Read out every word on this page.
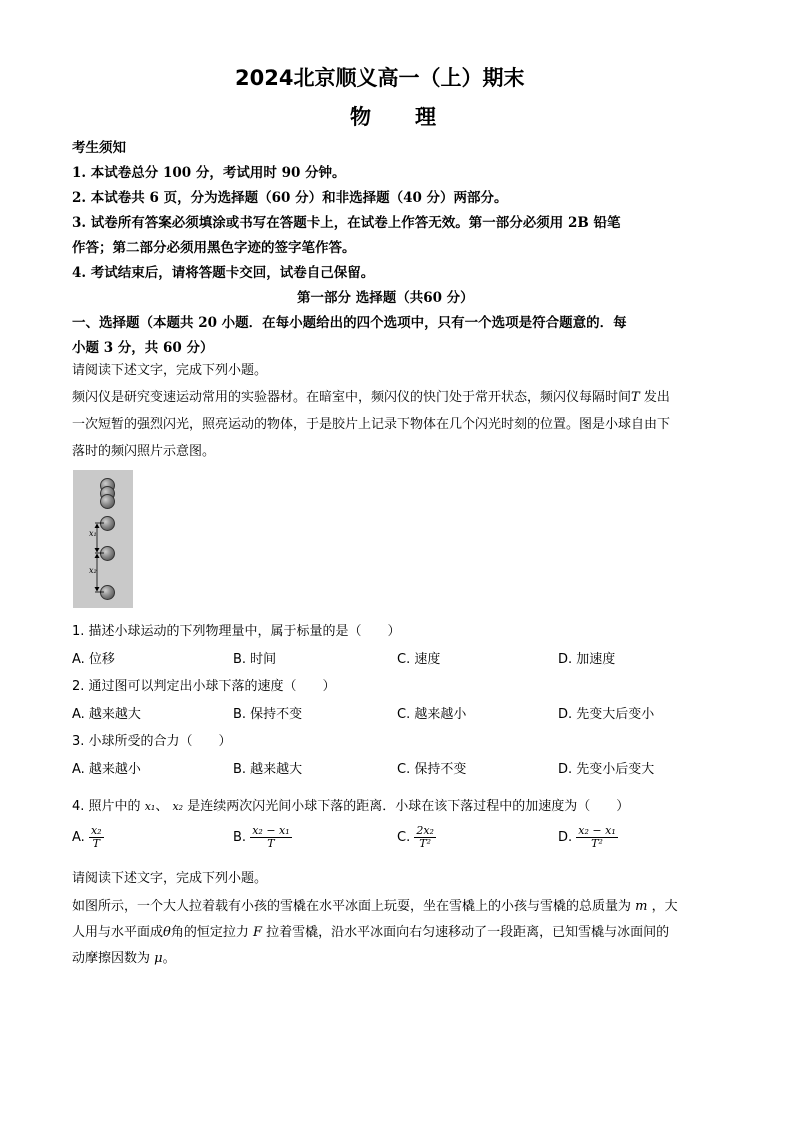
2024北京顺义高一（上）期末
物理
考生须知
1. 本试卷总分 100 分，考试用时 90 分钟。
2. 本试卷共 6 页，分为选择题（60 分）和非选择题（40 分）两部分。
3. 试卷所有答案必须填涂或书写在答题卡上，在试卷上作答无效。第一部分必须用 2B 铅笔
作答；第二部分必须用黑色字迹的签字笔作答。
4. 考试结束后，请将答题卡交回，试卷自己保留。
第一部分 选择题（共60 分）
一、选择题（本题共 20 小题．在每小题给出的四个选项中，只有一个选项是符合题意的．每
小题 3 分，共 60 分）
请阅读下述文字，完成下列小题。
频闪仪是研究变速运动常用的实验器材。在暗室中，频闪仪的快门处于常开状态，频闪仪每隔时间T 发出
一次短暂的强烈闪光，照亮运动的物体，于是胶片上记录下物体在几个闪光时刻的位置。图是小球自由下
落时的频闪照片示意图。
x₁
x₂
1. 描述小球运动的下列物理量中，属于标量的是（　　）
A. 位移	B. 时间	C. 速度	D. 加速度
2. 通过图可以判定出小球下落的速度（　　）
A. 越来越大	B. 保持不变	C. 越来越小	D. 先变大后变小
3. 小球所受的合力（　　）
A. 越来越小	B. 越来越大	C. 保持不变	D. 先变小后变大
4. 照片中的 x₁、 x₂ 是连续两次闪光间小球下落的距离．小球在该下落过程中的加速度为（　　）
A. $\frac{\text{x₂}}{T}$	B. $\frac{\text{x₂ − x₁}}{T}$	C. $\frac{\text{2x₂}}{\text{T²}}$	D. $\frac{\text{x₂ − x₁}}{\text{T²}}$
请阅读下述文字，完成下列小题。
如图所示，一个大人拉着载有小孩的雪橇在水平冰面上玩耍，坐在雪橇上的小孩与雪橇的总质量为 m ，大
人用与水平面成θ角的恒定拉力 F 拉着雪橇，沿水平冰面向右匀速移动了一段距离，已知雪橇与冰面间的
动摩擦因数为 μ。
